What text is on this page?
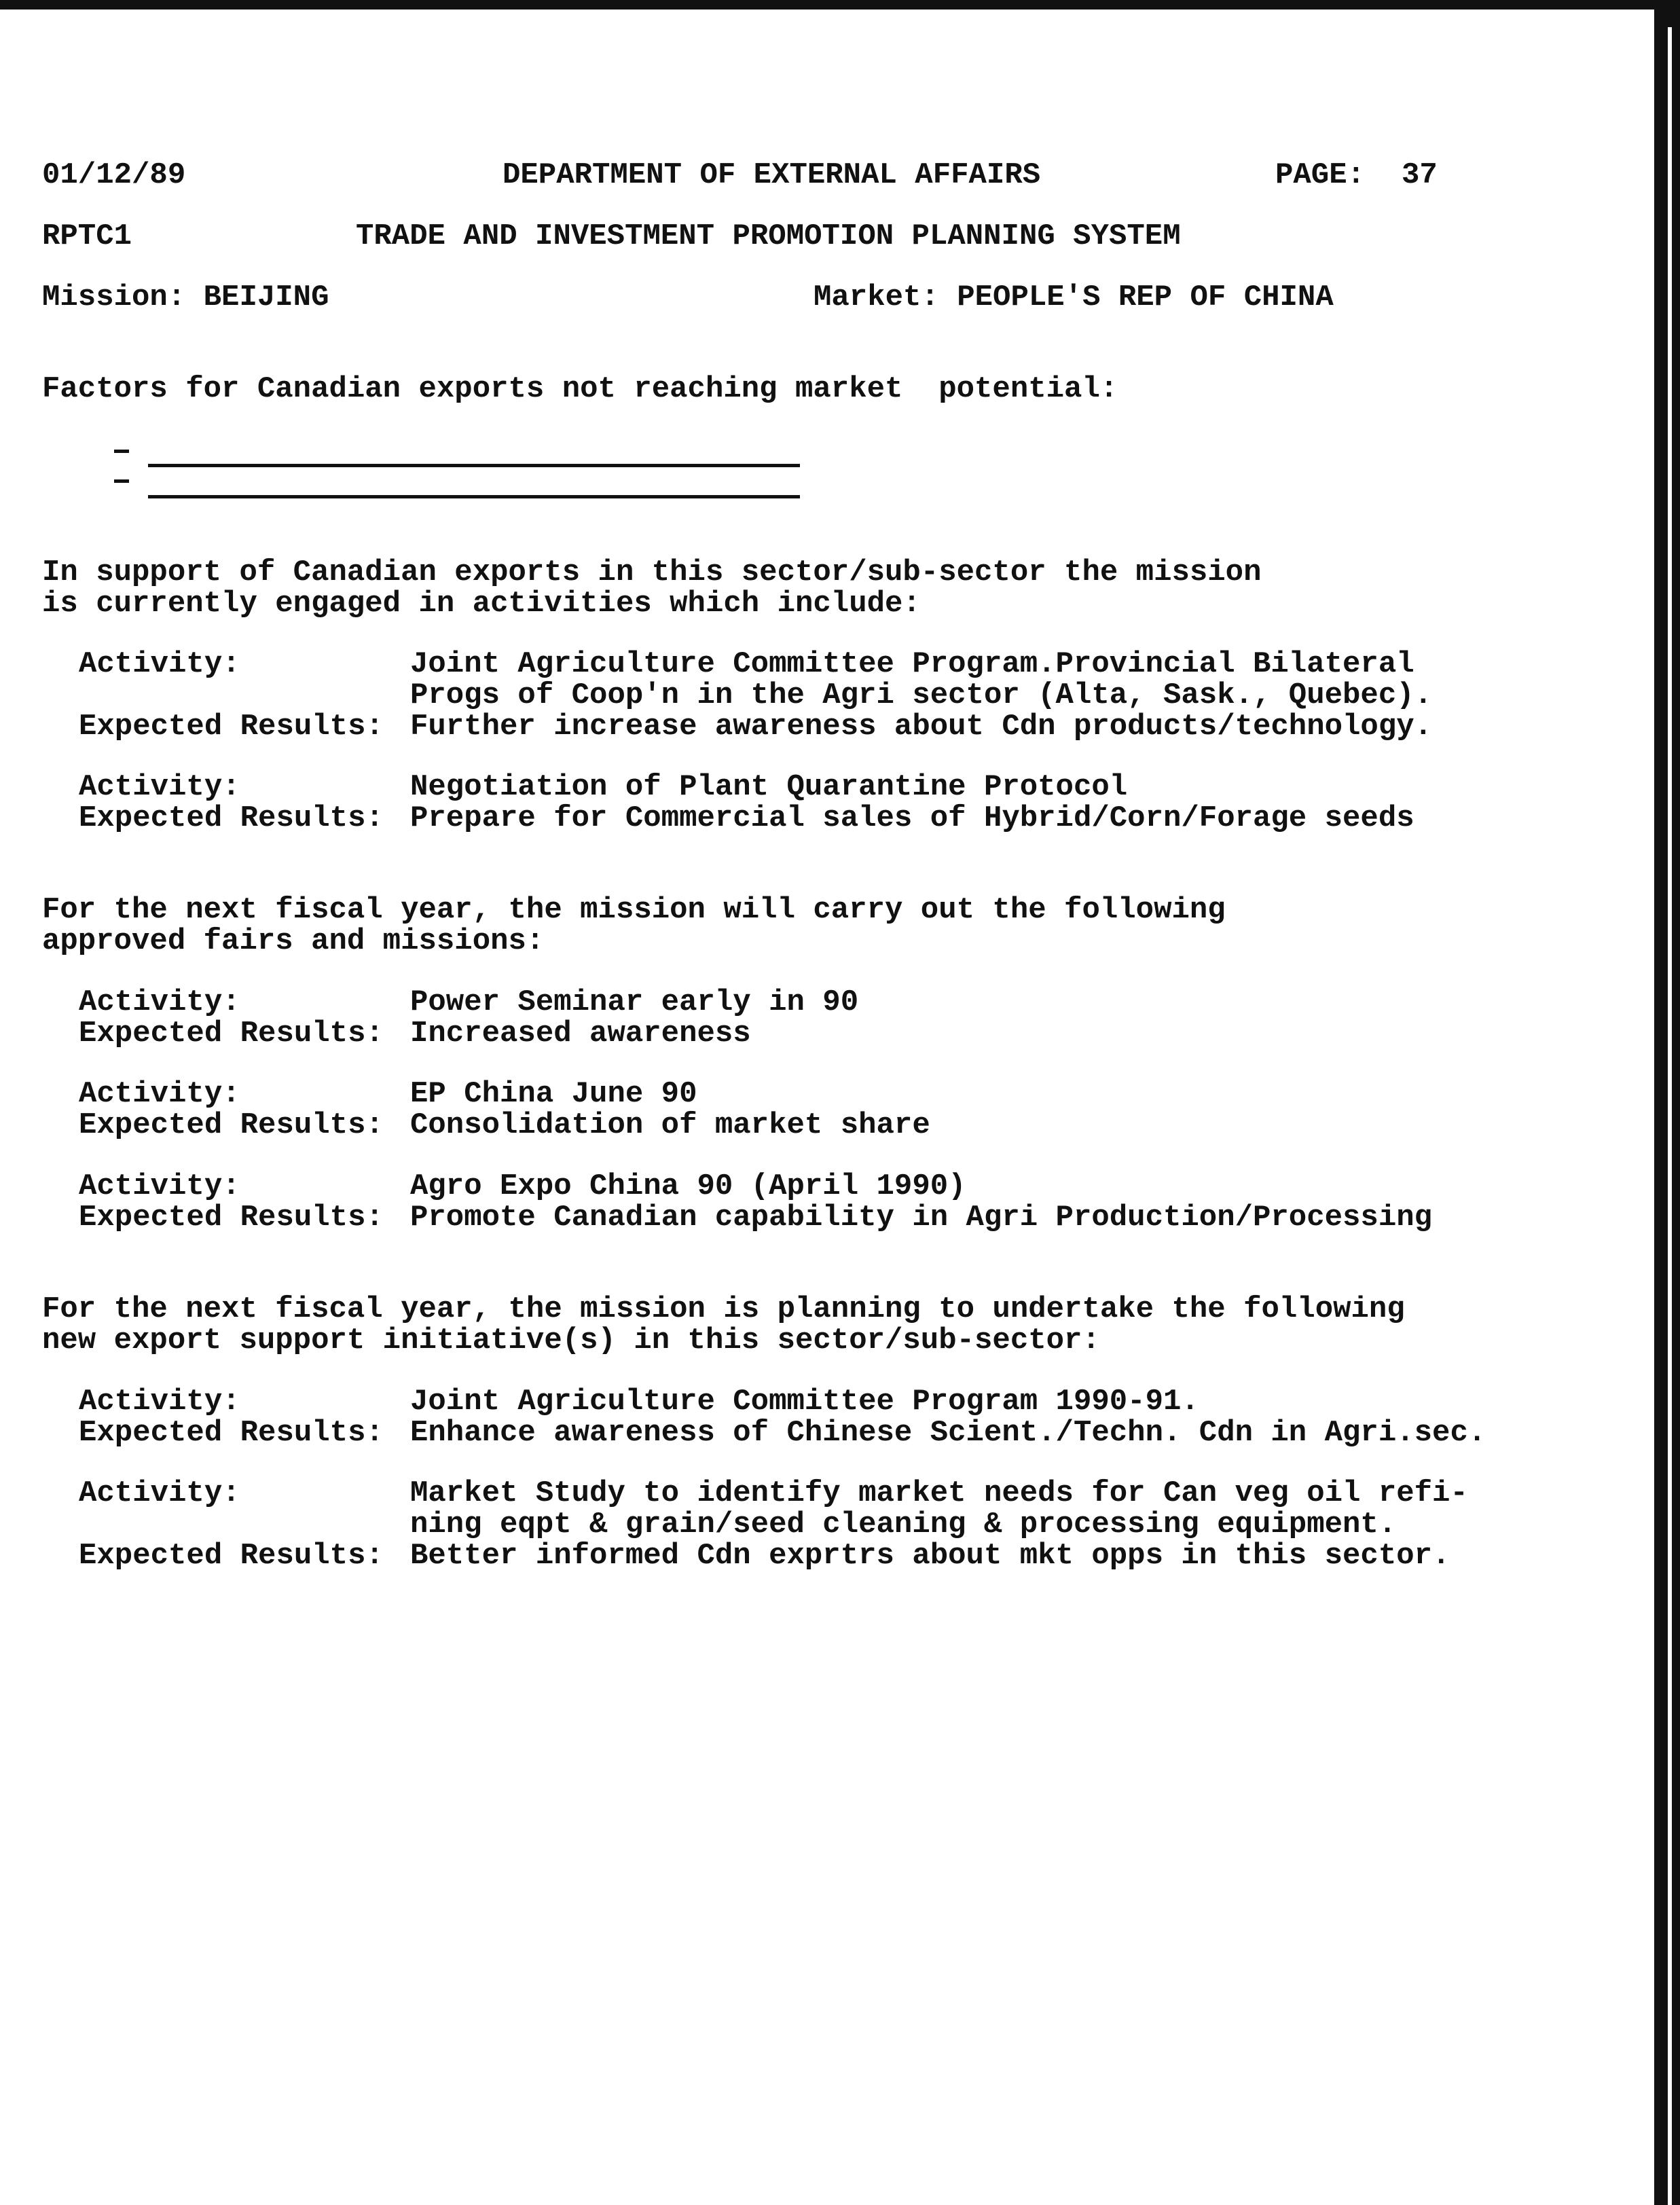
01/12/89	DEPARTMENT OF EXTERNAL AFFAIRS	PAGE: 37
RPTC1	TRADE AND INVESTMENT PROMOTION PLANNING SYSTEM
Mission: BEIJING	Market: PEOPLE'S REP OF CHINA
Factors for Canadian exports not reaching market  potential:
In support of Canadian exports in this sector/sub-sector the mission
is currently engaged in activities which include:
Activity:	Joint Agriculture Committee Program.Provincial Bilateral
Progs of Coop'n in the Agri sector (Alta, Sask., Quebec).
Expected Results: Further increase awareness about Cdn products/technology.
Activity:	Negotiation of Plant Quarantine Protocol
Expected Results: Prepare for Commercial sales of Hybrid/Corn/Forage seeds
For the next fiscal year, the mission will carry out the following
approved fairs and missions:
Activity:	Power Seminar early in 90
Expected Results: Increased awareness
Activity:	EP China June 90
Expected Results: Consolidation of market share
Activity:	Agro Expo China 90 (April 1990)
Expected Results: Promote Canadian capability in Agri Production/Processing
For the next fiscal year, the mission is planning to undertake the following
new export support initiative(s) in this sector/sub-sector:
Activity:	Joint Agriculture Committee Program 1990-91.
Expected Results: Enhance awareness of Chinese Scient./Techn. Cdn in Agri.sec.
Activity:	Market Study to identify market needs for Can veg oil refi-
ning eqpt & grain/seed cleaning & processing equipment.
Expected Results: Better informed Cdn exprtrs about mkt opps in this sector.
